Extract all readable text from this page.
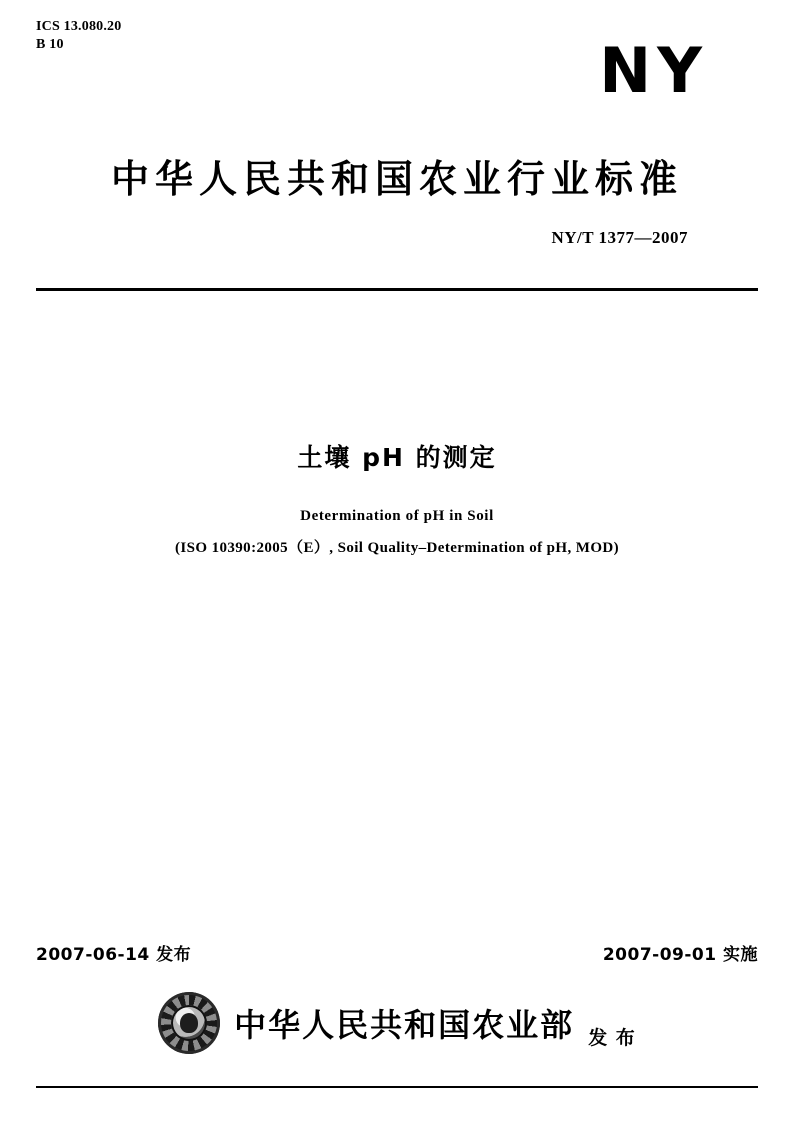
ICS 13.080.20
B 10	NY
中华人民共和国农业行业标准
NY/T 1377—2007
土壤 pH 的测定
Determination of pH in Soil
(ISO 10390:2005（E）, Soil Quality–Determination of pH, MOD)
2007-06-14 发布	2007-09-01 实施
中华人民共和国农业部 发 布
